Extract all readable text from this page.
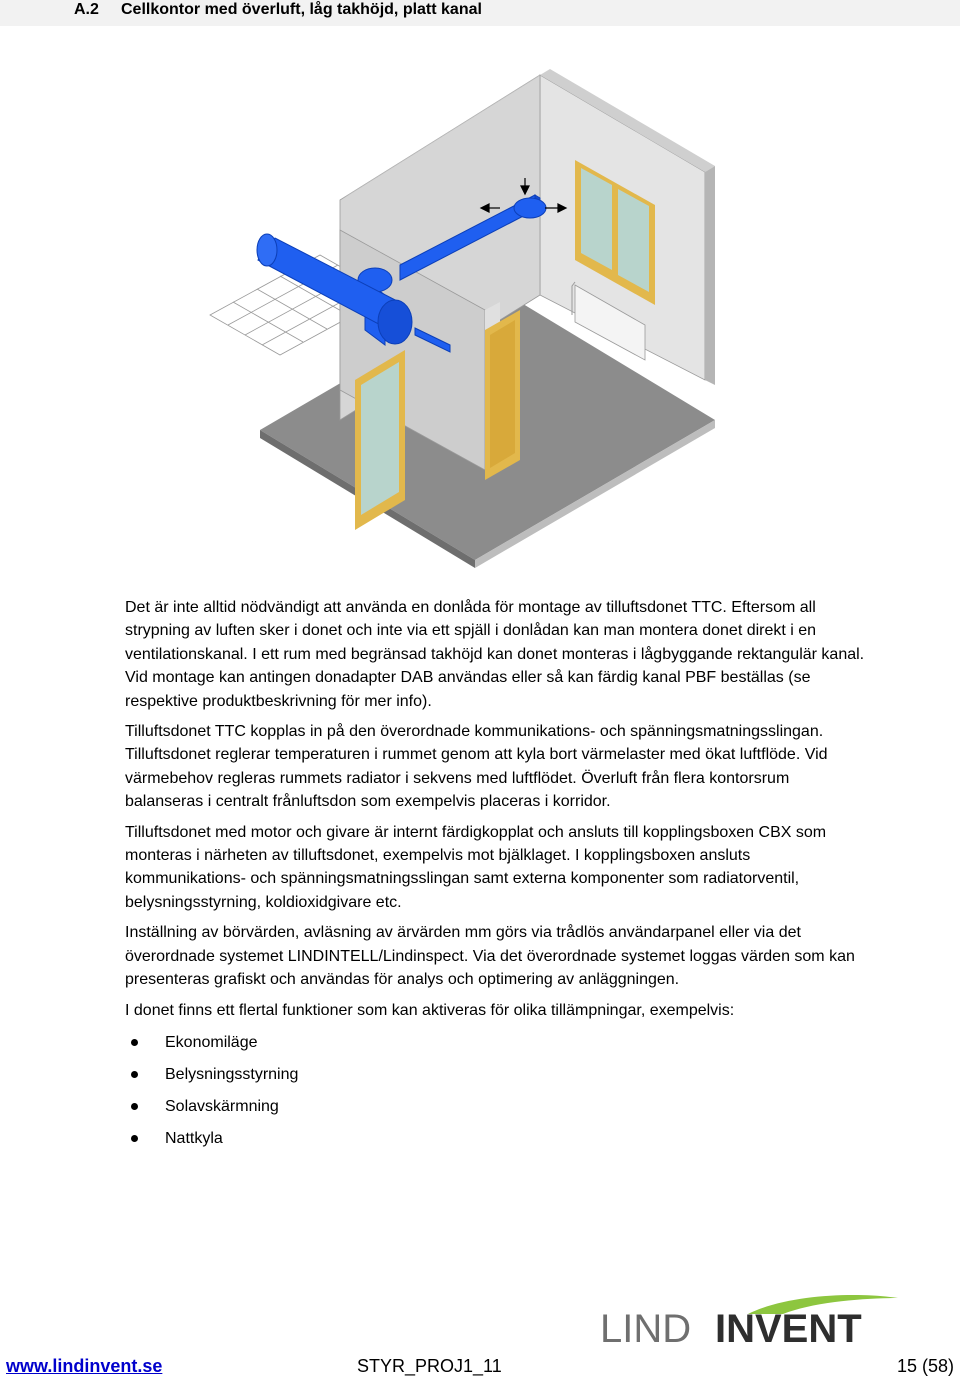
A.2 Cellkontor med överluft, låg takhöjd, platt kanal

Det är inte alltid nödvändigt att använda en donlåda för montage av tilluftsdonet TTC. Eftersom all strypning av luften sker i donet och inte via ett spjäll i donlådan kan man montera donet direkt i en ventilationskanal. I ett rum med begränsad takhöjd kan donet monteras i lågbyggande rektangulär kanal. Vid montage kan antingen donadapter DAB användas eller så kan färdig kanal PBF beställas (se respektive produktbeskrivning för mer info).

Tilluftsdonet TTC kopplas in på den överordnade kommunikations- och spänningsmatningsslingan. Tilluftsdonet reglerar temperaturen i rummet genom att kyla bort värmelaster med ökat luftflöde. Vid värmebehov regleras rummets radiator i sekvens med luftflödet. Överluft från flera kontorsrum balanseras i centralt frånluftsdon som exempelvis placeras i korridor.

Tilluftsdonet med motor och givare är internt färdigkopplat och ansluts till kopplingsboxen CBX som monteras i närheten av tilluftsdonet, exempelvis mot bjälklaget. I kopplingsboxen ansluts kommunikations- och spänningsmatningsslingan samt externa komponenter som radiatorventil, belysningsstyrning, koldioxidgivare etc.

Inställning av börvärden, avläsning av ärvärden mm görs via trådlös användarpanel eller via det överordnade systemet LINDINTELL/Lindinspect. Via det överordnade systemet loggas värden som kan presenteras grafiskt och användas för analys och optimering av anläggningen.

I donet finns ett flertal funktioner som kan aktiveras för olika tillämpningar, exempelvis:

Ekonomiläge
Belysningsstyrning
Solavskärmning
Nattkyla
LIND INVENT
www.lindinvent.se	STYR_PROJ1_11	15 (58)
